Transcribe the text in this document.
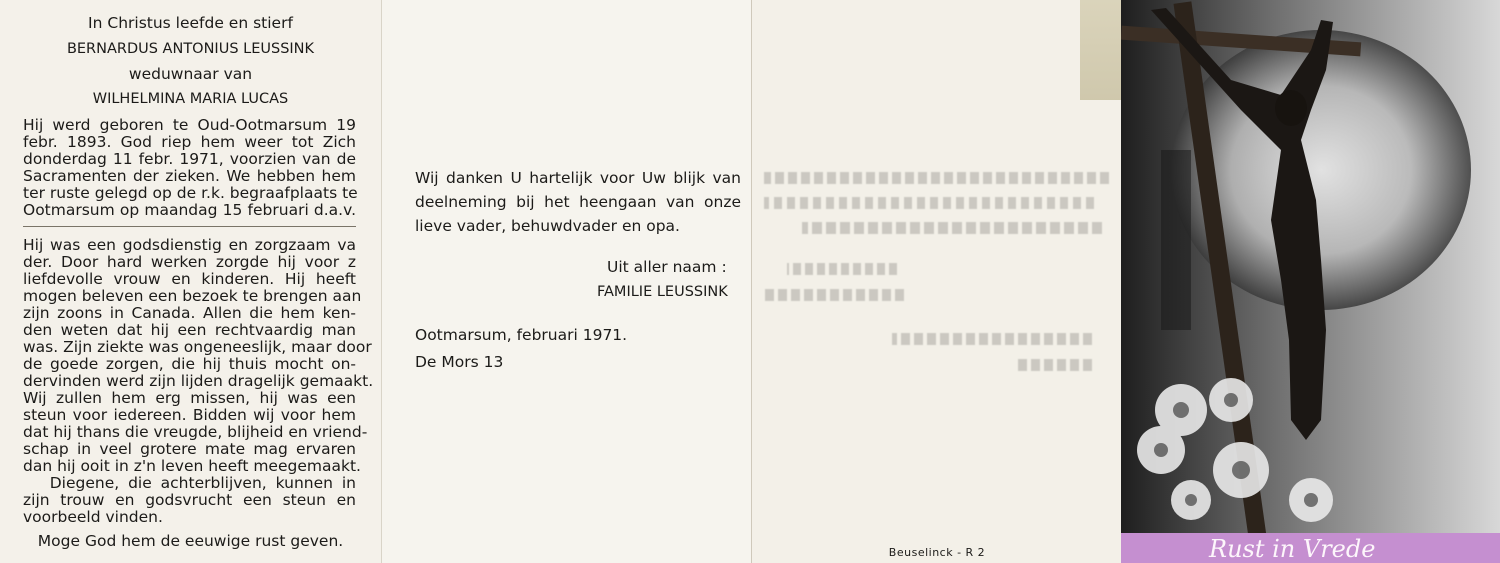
In Christus leefde en stierf
BERNARDUS ANTONIUS LEUSSINK
weduwnaar van
WILHELMINA MARIA LUCAS
Hij werd geboren te Oud-Ootmarsum 19
febr. 1893. God riep hem weer tot Zich
donderdag 11 febr. 1971, voorzien van de
Sacramenten der zieken. We hebben hem
ter ruste gelegd op de r.k. begraafplaats te
Ootmarsum op maandag 15 februari d.a.v.
Hij was een godsdienstig en zorgzaam va
der. Door hard werken zorgde hij voor z
liefdevolle vrouw en kinderen. Hij heeft
mogen beleven een bezoek te brengen aan
zijn zoons in Canada. Allen die hem ken-
den weten dat hij een rechtvaardig man
was. Zijn ziekte was ongeneeslijk, maar door
de goede zorgen, die hij thuis mocht on-
dervinden werd zijn lijden dragelijk gemaakt.
Wij zullen hem erg missen, hij was een
steun voor iedereen. Bidden wij voor hem
dat hij thans die vreugde, blijheid en vriend-
schap in veel grotere mate mag ervaren
dan hij ooit in z'n leven heeft meegemaakt.
Diegene, die achterblijven, kunnen in
zijn trouw en godsvrucht een steun en
voorbeeld vinden.
Moge God hem de eeuwige rust geven.
Wij danken U hartelijk voor Uw blijk van
deelneming bij het heengaan van onze
lieve vader, behuwdvader en opa.
Uit aller naam :
FAMILIE LEUSSINK
Ootmarsum, februari 1971.
De Mors 13
Beuselinck - R 2	Rust in Vrede
